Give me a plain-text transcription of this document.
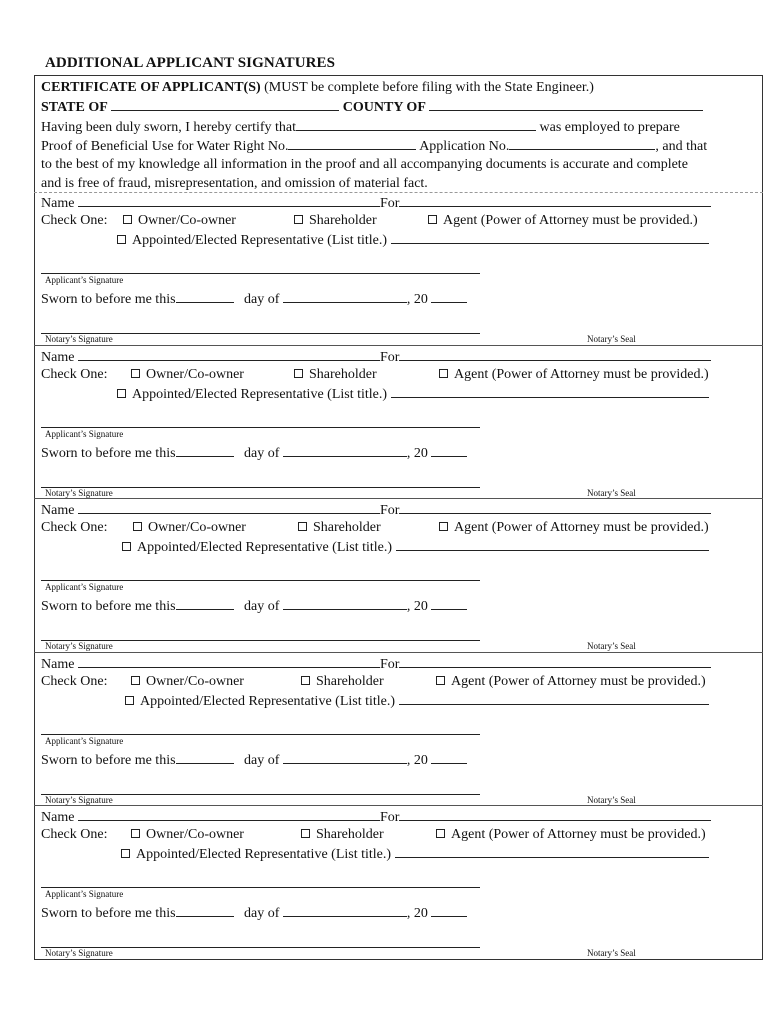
ADDITIONAL APPLICANT SIGNATURES
CERTIFICATE OF APPLICANT(S) (MUST be complete before filing with the State Engineer.)
STATE OF	COUNTY OF
Having been duly sworn, I hereby certify that	was employed to prepare
Proof of Beneficial Use for Water Right No.	Application No.	, and that
to the best of my knowledge all information in the proof and all accompanying documents is accurate and complete
and is free of fraud, misrepresentation, and omission of material fact.
Name	For
Check One:	Owner/Co-owner	Shareholder	Agent (Power of Attorney must be provided.)
Appointed/Elected Representative (List title.)
Applicant’s Signature
Sworn to before me this	day of	, 20
Notary’s Signature	Notary’s Seal
Name	For
Check One:	Owner/Co-owner	Shareholder	Agent (Power of Attorney must be provided.)
Appointed/Elected Representative (List title.)
Applicant’s Signature
Sworn to before me this	day of	, 20
Notary’s Signature	Notary’s Seal
Name	For
Check One:	Owner/Co-owner	Shareholder	Agent (Power of Attorney must be provided.)
Appointed/Elected Representative (List title.)
Applicant’s Signature
Sworn to before me this	day of	, 20
Notary’s Signature	Notary’s Seal
Name	For
Check One:	Owner/Co-owner	Shareholder	Agent (Power of Attorney must be provided.)
Appointed/Elected Representative (List title.)
Applicant’s Signature
Sworn to before me this	day of	, 20
Notary’s Signature	Notary’s Seal
Name	For
Check One:	Owner/Co-owner	Shareholder	Agent (Power of Attorney must be provided.)
Appointed/Elected Representative (List title.)
Applicant’s Signature
Sworn to before me this	day of	, 20
Notary’s Signature	Notary’s Seal
